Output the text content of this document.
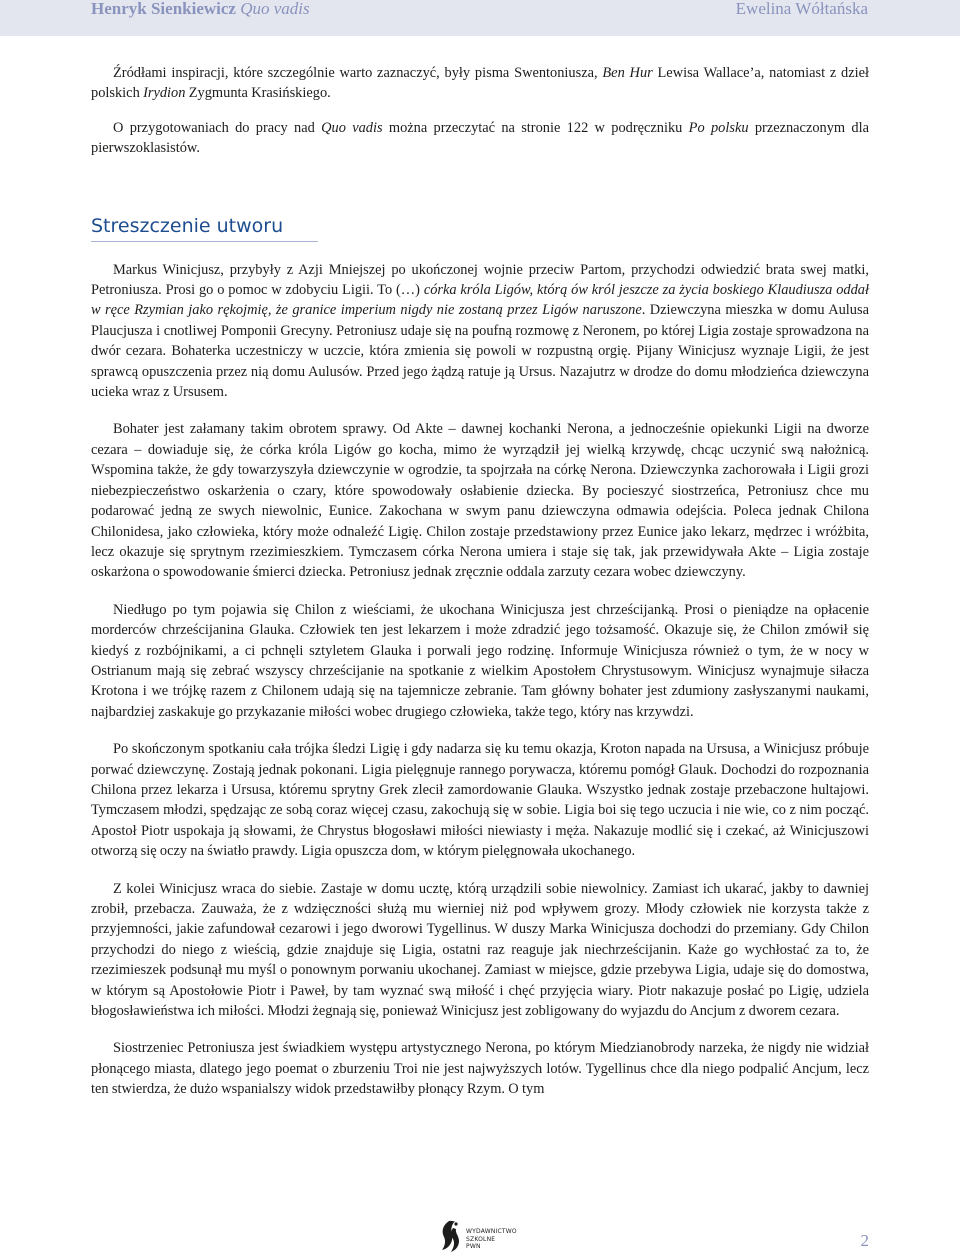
Henryk Sienkiewicz Quo vadis	Ewelina Wółtańska

Źródłami inspiracji, które szczególnie warto zaznaczyć, były pisma Swentoniusza, Ben Hur Lewisa Wallace’a, natomiast z dzieł polskich Irydion Zygmunta Krasińskiego.

O przygotowaniach do pracy nad Quo vadis można przeczytać na stronie 122 w podręczniku Po polsku przeznaczonym dla pierwszoklasistów.

Streszczenie utworu

Markus Winicjusz, przybyły z Azji Mniejszej po ukończonej wojnie przeciw Partom, przychodzi odwiedzić brata swej matki, Petroniusza. Prosi go o pomoc w zdobyciu Ligii. To (…) córka króla Ligów, którą ów król jeszcze za życia boskiego Klaudiusza oddał w ręce Rzymian jako rękojmię, że granice imperium nigdy nie zostaną przez Ligów naruszone. Dziewczyna mieszka w domu Aulusa Plaucjusza i cnotliwej Pomponii Grecyny. Petroniusz udaje się na poufną rozmowę z Neronem, po której Ligia zostaje sprowadzona na dwór cezara. Bohaterka uczestniczy w uczcie, która zmienia się powoli w rozpustną orgię. Pijany Winicjusz wyznaje Ligii, że jest sprawcą opuszczenia przez nią domu Aulusów. Przed jego żądzą ratuje ją Ursus. Nazajutrz w drodze do domu młodzieńca dziewczyna ucieka wraz z Ursusem.

Bohater jest załamany takim obrotem sprawy. Od Akte – dawnej kochanki Nerona, a jednocześnie opiekunki Ligii na dworze cezara – dowiaduje się, że córka króla Ligów go kocha, mimo że wyrządził jej wielką krzywdę, chcąc uczynić swą nałożnicą. Wspomina także, że gdy towarzyszyła dziewczynie w ogrodzie, ta spojrzała na córkę Nerona. Dziewczynka zachorowała i Ligii grozi niebezpieczeństwo oskarżenia o czary, które spowodowały osłabienie dziecka. By pocieszyć siostrzeńca, Petroniusz chce mu podarować jedną ze swych niewolnic, Eunice. Zakochana w swym panu dziewczyna odmawia odejścia. Poleca jednak Chilona Chilonidesa, jako człowieka, który może odnaleźć Ligię. Chilon zostaje przedstawiony przez Eunice jako lekarz, mędrzec i wróżbita, lecz okazuje się sprytnym rzezimieszkiem. Tymczasem córka Nerona umiera i staje się tak, jak przewidywała Akte – Ligia zostaje oskarżona o spowodowanie śmierci dziecka. Petroniusz jednak zręcznie oddala zarzuty cezara wobec dziewczyny.

Niedługo po tym pojawia się Chilon z wieściami, że ukochana Winicjusza jest chrześcijanką. Prosi o pieniądze na opłacenie morderców chrześcijanina Glauka. Człowiek ten jest lekarzem i może zdradzić jego tożsamość. Okazuje się, że Chilon zmówił się kiedyś z rozbójnikami, a ci pchnęli sztyletem Glauka i porwali jego rodzinę. Informuje Winicjusza również o tym, że w nocy w Ostrianum mają się zebrać wszyscy chrześcijanie na spotkanie z wielkim Apostołem Chrystusowym. Winicjusz wynajmuje siłacza Krotona i we trójkę razem z Chilonem udają się na tajemnicze zebranie. Tam główny bohater jest zdumiony zasłyszanymi naukami, najbardziej zaskakuje go przykazanie miłości wobec drugiego człowieka, także tego, który nas krzywdzi.

Po skończonym spotkaniu cała trójka śledzi Ligię i gdy nadarza się ku temu okazja, Kroton napada na Ursusa, a Winicjusz próbuje porwać dziewczynę. Zostają jednak pokonani. Ligia pielęgnuje rannego porywacza, któremu pomógł Glauk. Dochodzi do rozpoznania Chilona przez lekarza i Ursusa, któremu sprytny Grek zlecił zamordowanie Glauka. Wszystko jednak zostaje przebaczone hultajowi. Tymczasem młodzi, spędzając ze sobą coraz więcej czasu, zakochują się w sobie. Ligia boi się tego uczucia i nie wie, co z nim począć. Apostoł Piotr uspokaja ją słowami, że Chrystus błogosławi miłości niewiasty i męża. Nakazuje modlić się i czekać, aż Winicjuszowi otworzą się oczy na światło prawdy. Ligia opuszcza dom, w którym pielęgnowała ukochanego.

Z kolei Winicjusz wraca do siebie. Zastaje w domu ucztę, którą urządzili sobie niewolnicy. Zamiast ich ukarać, jakby to dawniej zrobił, przebacza. Zauważa, że z wdzięczności służą mu wierniej niż pod wpływem grozy. Młody człowiek nie korzysta także z przyjemności, jakie zafundował cezarowi i jego dworowi Tygellinus. W duszy Marka Winicjusza dochodzi do przemiany. Gdy Chilon przychodzi do niego z wieścią, gdzie znajduje się Ligia, ostatni raz reaguje jak niechrześcijanin. Każe go wychłostać za to, że rzezimieszek podsunął mu myśl o ponownym porwaniu ukochanej. Zamiast w miejsce, gdzie przebywa Ligia, udaje się do domostwa, w którym są Apostołowie Piotr i Paweł, by tam wyznać swą miłość i chęć przyjęcia wiary. Piotr nakazuje posłać po Ligię, udziela błogosławieństwa ich miłości. Młodzi żegnają się, ponieważ Winicjusz jest zobligowany do wyjazdu do Ancjum z dworem cezara.

Siostrzeniec Petroniusza jest świadkiem występu artystycznego Nerona, po którym Miedzianobrody narzeka, że nigdy nie widział płonącego miasta, dlatego jego poemat o zburzeniu Troi nie jest najwyższych lotów. Tygellinus chce dla niego podpalić Ancjum, lecz ten stwierdza, że dużo wspanialszy widok przedstawiłby płonący Rzym. O tym

WYDAWNICTWO
SZKOLNE
PWN	2
